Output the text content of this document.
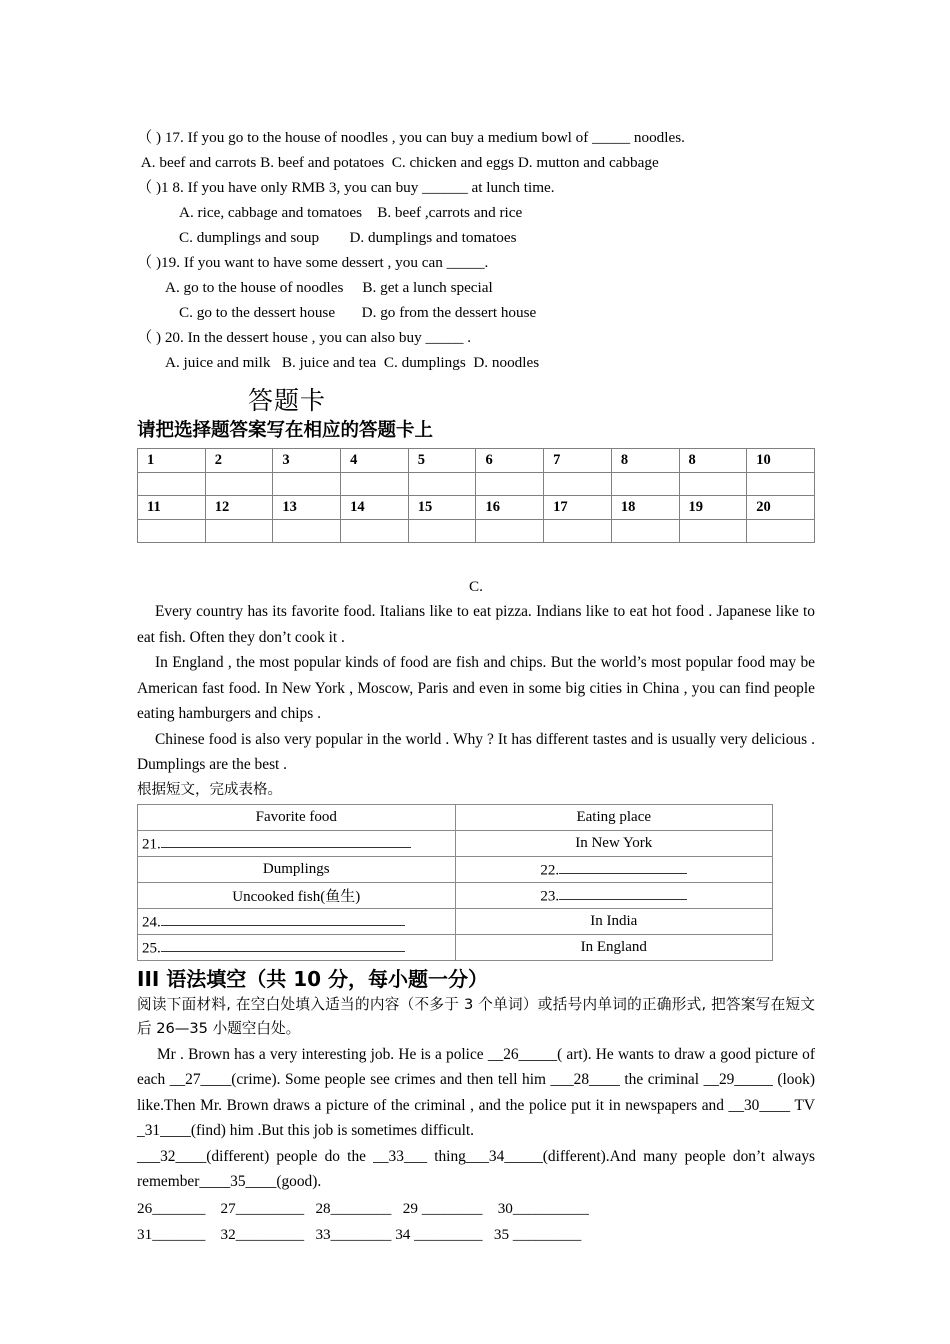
（ ) 17. If you go to the house of noodles , you can buy a medium bowl of _____ noodles.
A. beef and carrots B. beef and potatoes  C. chicken and eggs D. mutton and cabbage
（ )1 8. If you have only RMB 3, you can buy ______ at lunch time.
A. rice, cabbage and tomatoes    B. beef ,carrots and rice
C. dumplings and soup        D. dumplings and tomatoes
（ )19. If you want to have some dessert , you can _____.
A. go to the house of noodles     B. get a lunch special
C. go to the dessert house       D. go from the dessert house
（ ) 20. In the dessert house , you can also buy _____ .
A. juice and milk   B. juice and tea  C. dumplings  D. noodles
答题卡
请把选择题答案写在相应的答题卡上
1	2	3	4	5	6	7	8	8	10

11	12	13	14	15	16	17	18	19	20

C.

Every country has its favorite food. Italians like to eat pizza. Indians like to eat hot food . Japanese like to eat fish. Often they don’t cook it .

In England , the most popular kinds of food are fish and chips. But the world’s most popular food may be American fast food. In New York , Moscow, Paris and even in some big cities in China , you can find people eating hamburgers and chips .

Chinese food is also very popular in the world . Why ? It has different tastes and is usually very delicious . Dumplings are the best .

根据短文，完成表格。

Favorite food	Eating place
21.	In New York
Dumplings	22.
Uncooked fish(鱼生)	23.
24.	In India
25.	In England
III 语法填空（共 10 分，每小题一分）

阅读下面材料, 在空白处填入适当的内容（不多于 3 个单词）或括号内单词的正确形式, 把答案写在短文后 26—35 小题空白处。

Mr . Brown has a very interesting job. He is a police __26_____( art). He wants to draw a good picture of each __27____(crime). Some people see crimes and then tell him ___28____ the criminal __29_____ (look) like.Then Mr. Brown draws a picture of the criminal , and the police put it in newspapers and __30____ TV _31____(find) him .But this job is sometimes difficult.

___32____(different) people do the __33___ thing___34_____(different).And many people don’t always remember____35____(good).

26_______    27_________   28________   29 ________    30__________
31_______    32_________   33________ 34 _________   35 _________
